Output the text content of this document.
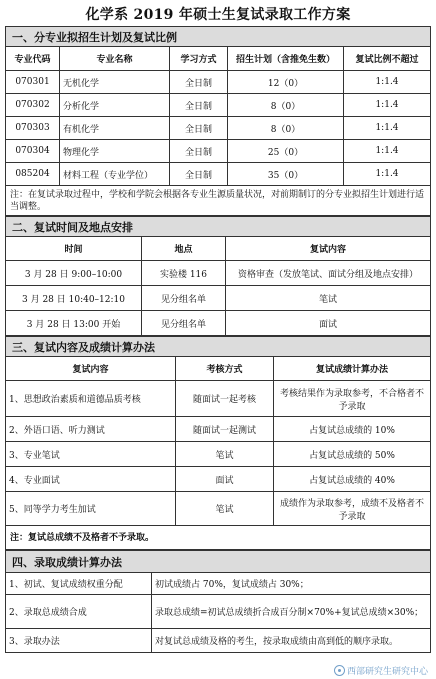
化学系 2019 年硕士生复试录取工作方案
一、分专业拟招生计划及复试比例				
专业代码	专业名称	学习方式	招生计划（含推免生数）	复试比例不超过
070301	无机化学	全日制	12（0）	1:1.4
070302	分析化学	全日制	8（0）	1:1.4
070303	有机化学	全日制	8（0）	1:1.4
070304	物理化学	全日制	25（0）	1:1.4
085204	材料工程（专业学位）	全日制	35（0）	1:1.4
注：在复试录取过程中，学校和学院会根据各专业生源质量状况，对前期制订的分专业拟招生计划进行适当调整。				
二、复试时间及地点安排		
时间	地点	复试内容
3 月 28 日 9:00–10:00	实验楼 116	资格审查（发放笔试、面试分组及地点安排）
3 月 28 日 10:40–12:10	见分组名单	笔试
3 月 28 日 13:00 开始	见分组名单	面试
三、复试内容及成绩计算办法		
复试内容	考核方式	复试成绩计算办法
1、思想政治素质和道德品质考核	随面试一起考核	考核结果作为录取参考，不合格者不予录取
2、外语口语、听力测试	随面试一起测试	占复试总成绩的 10%
3、专业笔试	笔试	占复试总成绩的 50%
4、专业面试	面试	占复试总成绩的 40%
5、同等学力考生加试	笔试	成绩作为录取参考，成绩不及格者不予录取
注：复试总成绩不及格者不予录取。		
四、录取成绩计算办法	
1、初试、复试成绩权重分配	初试成绩占 70%，复试成绩占 30%；
2、录取总成绩合成	录取总成绩=初试总成绩折合成百分制×70%+复试总成绩×30%；
3、录取办法	对复试总成绩及格的考生，按录取成绩由高到低的顺序录取。
西部研究生研究中心
